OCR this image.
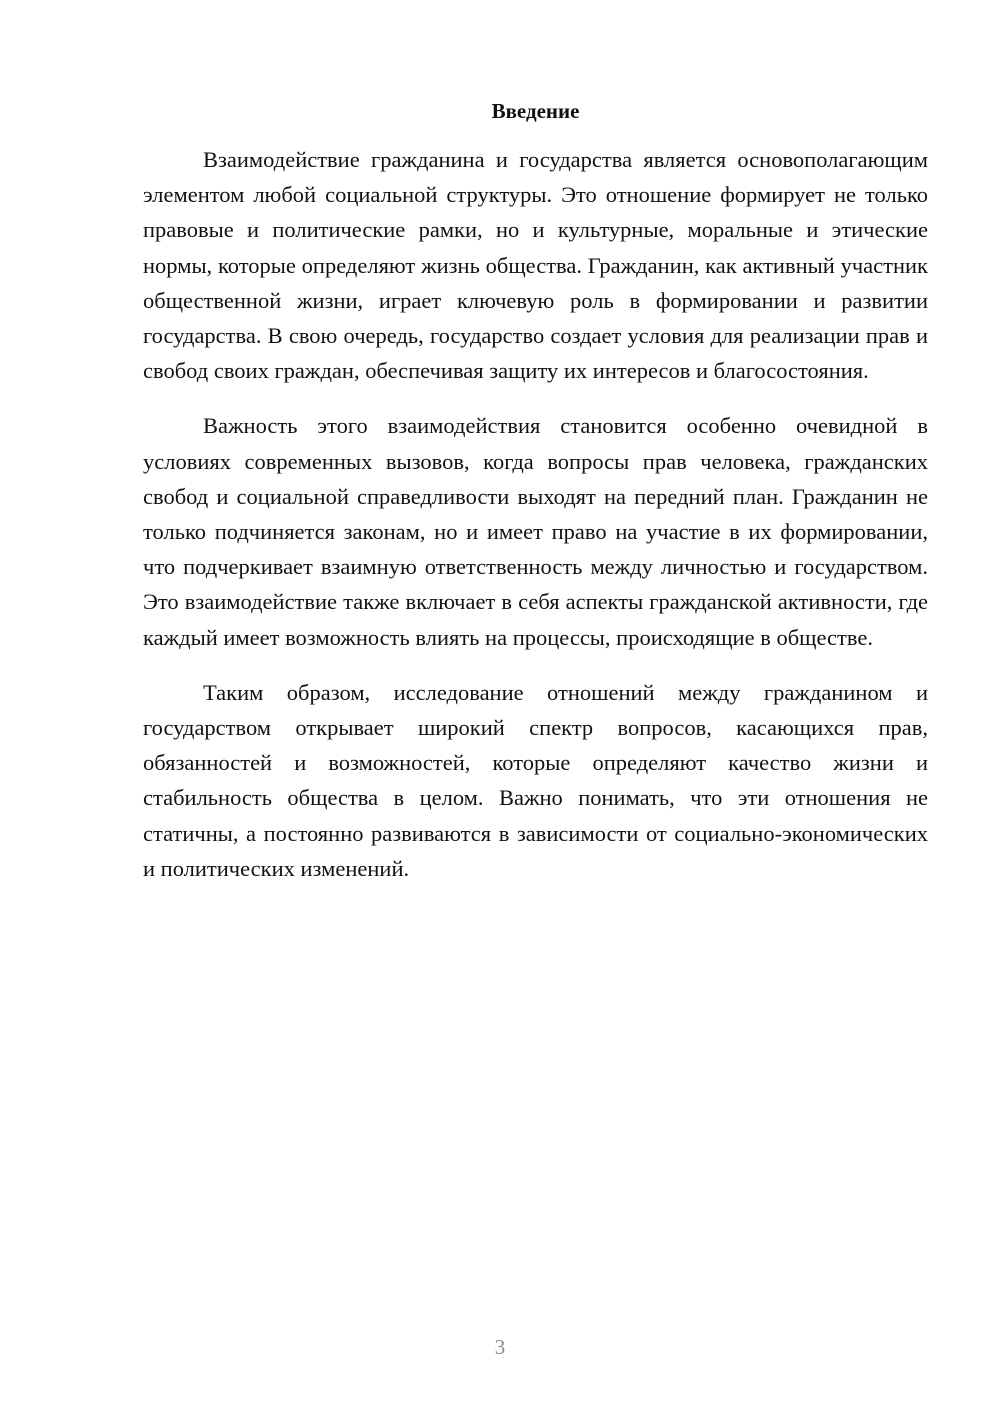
Введение

Взаимодействие гражданина и государства является основополагающим элементом любой социальной структуры. Это отношение формирует не только правовые и политические рамки, но и культурные, моральные и этические нормы, которые определяют жизнь общества. Гражданин, как активный участник общественной жизни, играет ключевую роль в формировании и развитии государства. В свою очередь, государство создает условия для реализации прав и свобод своих граждан, обеспечивая защиту их интересов и благосостояния.

Важность этого взаимодействия становится особенно очевидной в условиях современных вызовов, когда вопросы прав человека, гражданских свобод и социальной справедливости выходят на передний план. Гражданин не только подчиняется законам, но и имеет право на участие в их формировании, что подчеркивает взаимную ответственность между личностью и государством. Это взаимодействие также включает в себя аспекты гражданской активности, где каждый имеет возможность влиять на процессы, происходящие в обществе.

Таким образом, исследование отношений между гражданином и государством открывает широкий спектр вопросов, касающихся прав, обязанностей и возможностей, которые определяют качество жизни и стабильность общества в целом. Важно понимать, что эти отношения не статичны, а постоянно развиваются в зависимости от социально-экономических и политических изменений.

3
